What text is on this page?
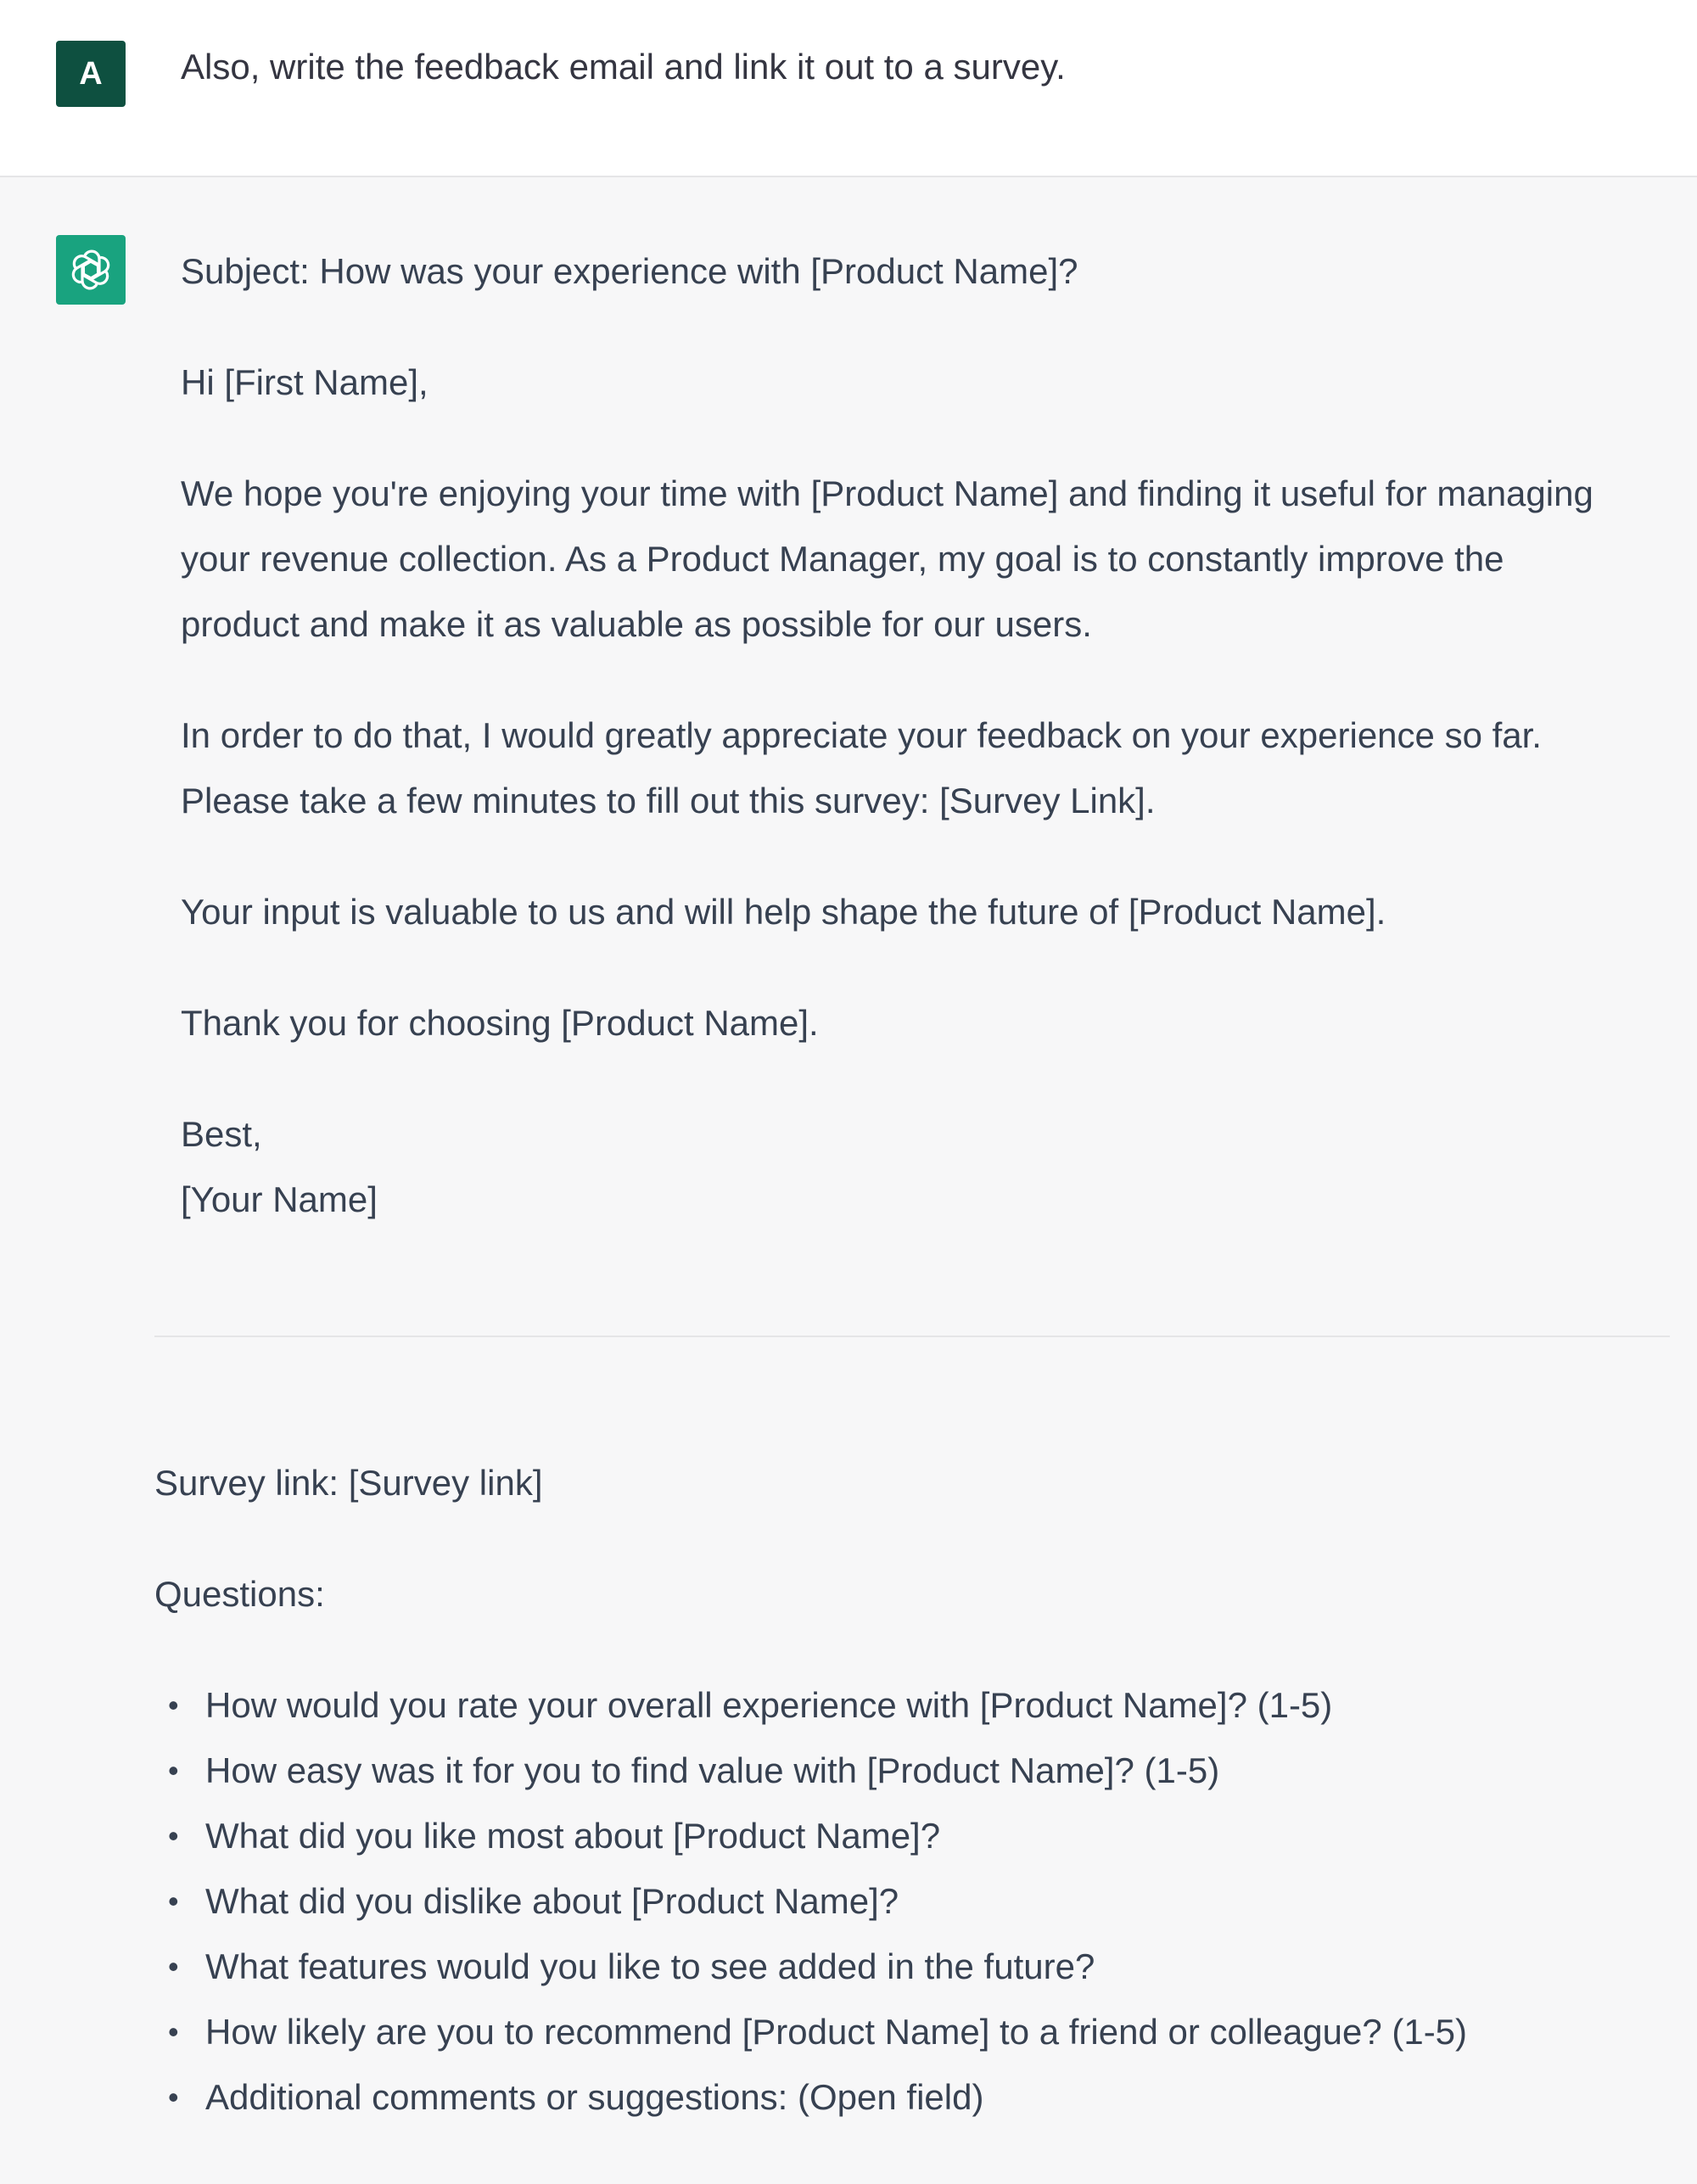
A	Also, write the feedback email and link it out to a survey.

Subject: How was your experience with [Product Name]?

Hi [First Name],

We hope you're enjoying your time with [Product Name] and finding it useful for managing
your revenue collection. As a Product Manager, my goal is to constantly improve the
product and make it as valuable as possible for our users.

In order to do that, I would greatly appreciate your feedback on your experience so far.
Please take a few minutes to fill out this survey: [Survey Link].

Your input is valuable to us and will help shape the future of [Product Name].

Thank you for choosing [Product Name].

Best,
[Your Name]

Survey link: [Survey link]

Questions:

• How would you rate your overall experience with [Product Name]? (1-5)
• How easy was it for you to find value with [Product Name]? (1-5)
• What did you like most about [Product Name]?
• What did you dislike about [Product Name]?
• What features would you like to see added in the future?
• How likely are you to recommend [Product Name] to a friend or colleague? (1-5)
• Additional comments or suggestions: (Open field)
